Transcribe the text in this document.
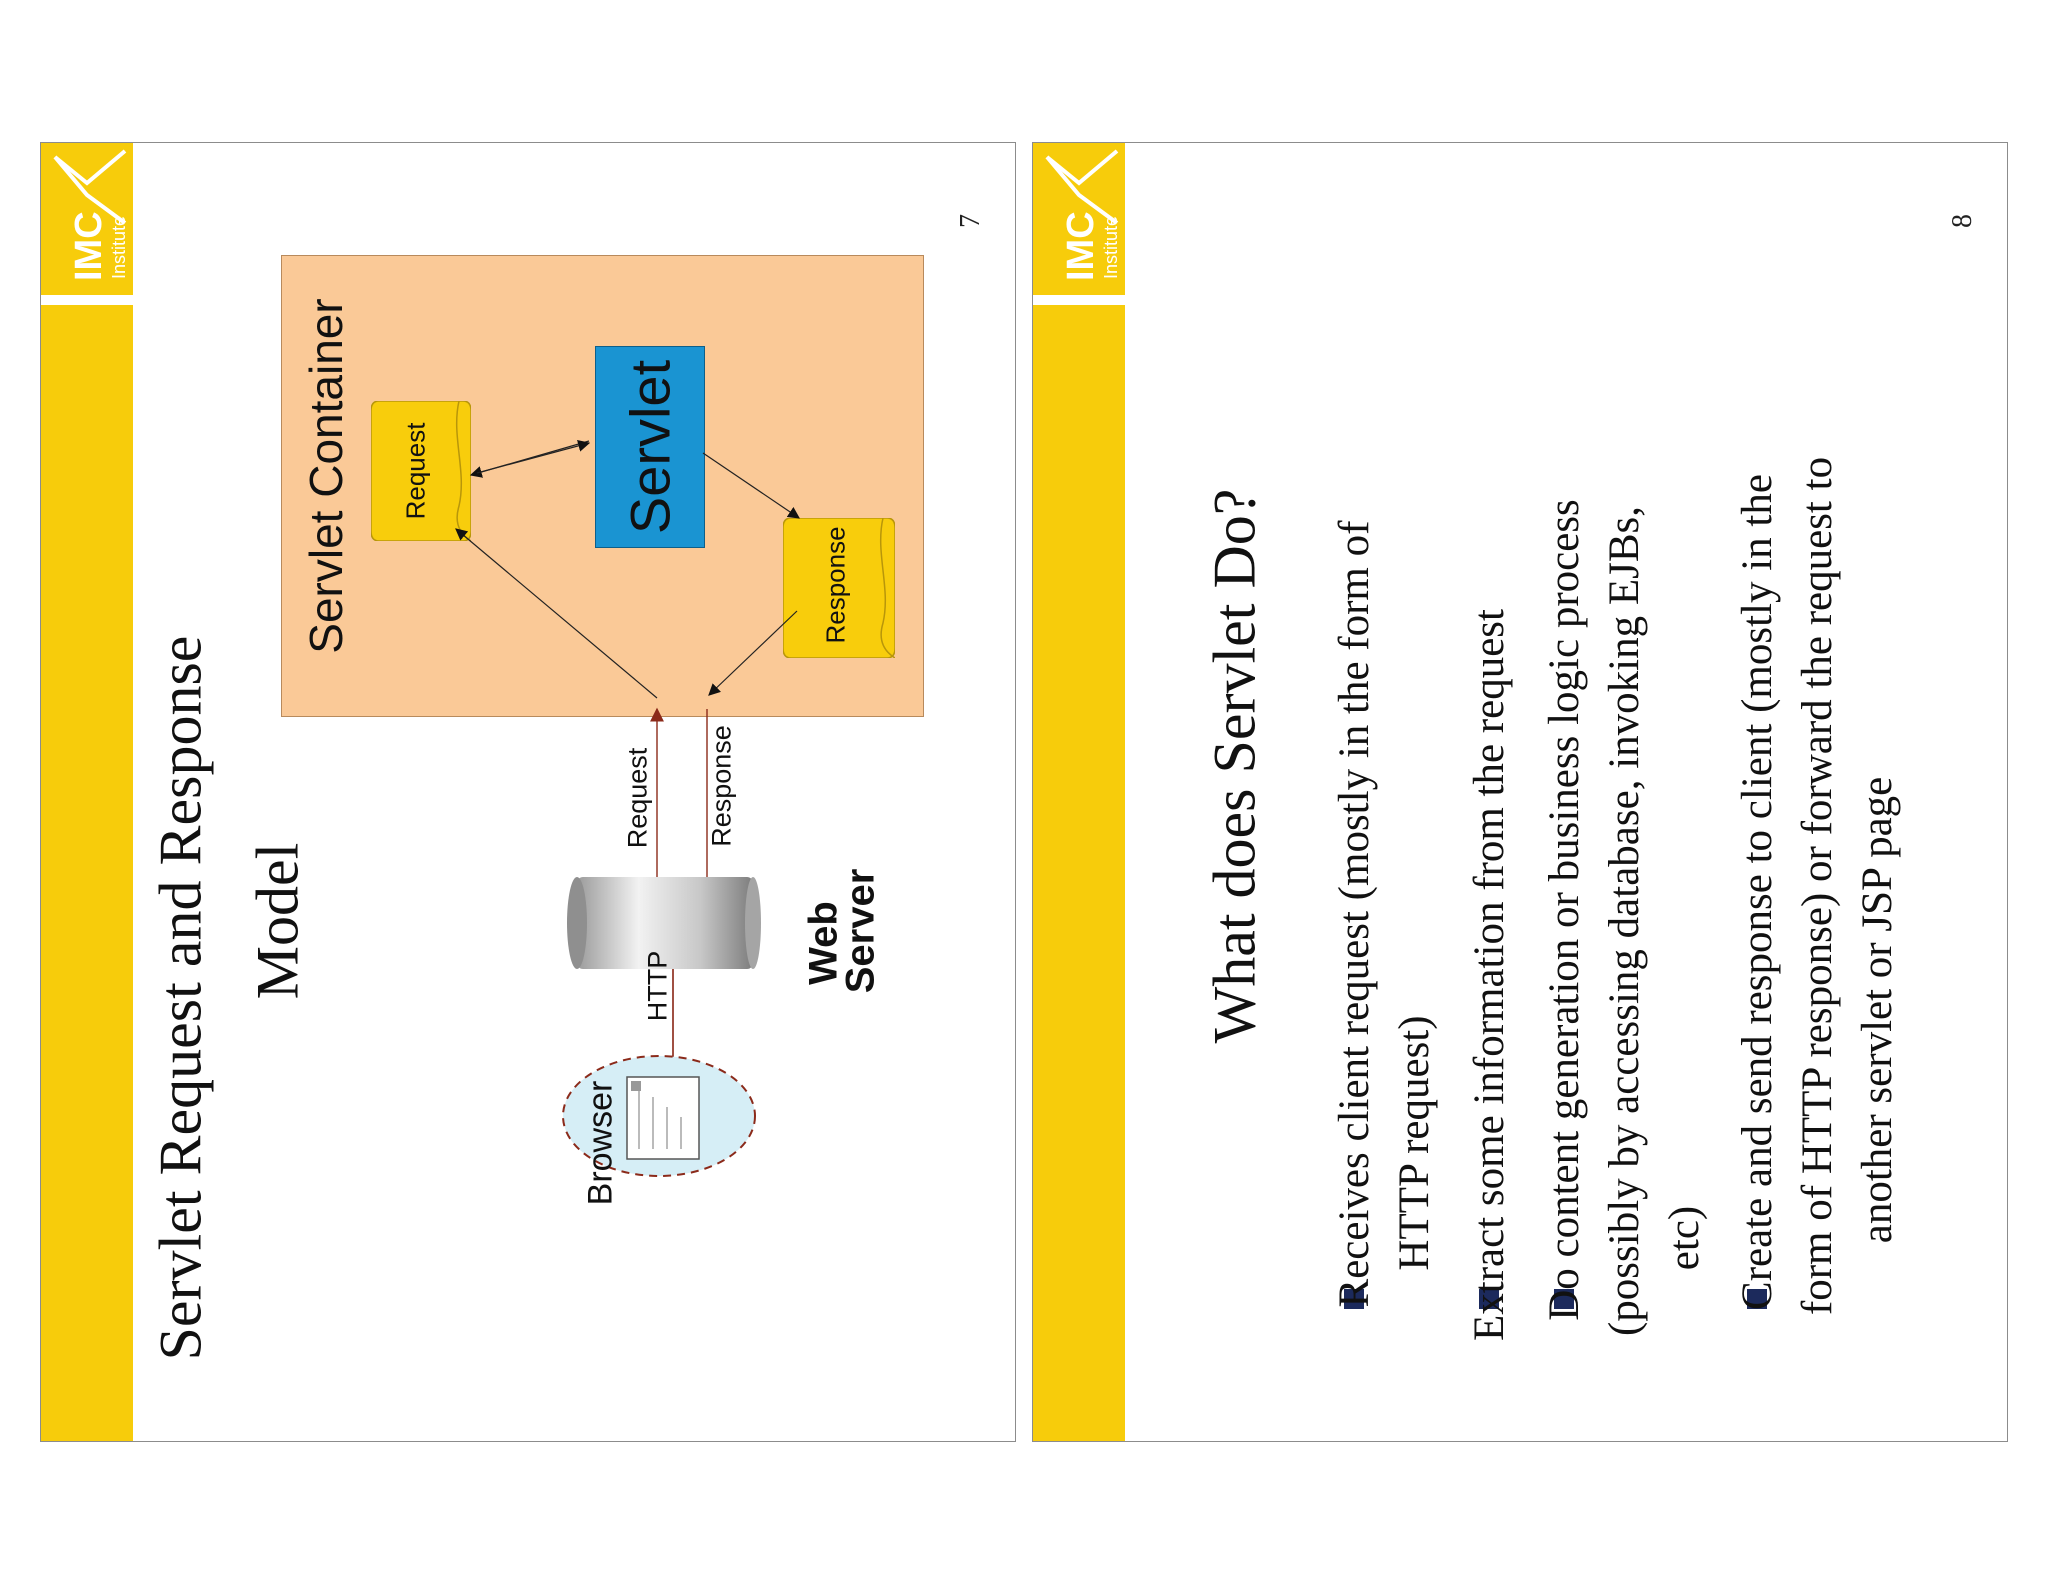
IMC Institute
Servlet Request and Response Model
Servlet Container Request	Servlet
Response
Request Response
HTTP
Web
Server
Browser
7 IMC Institute
What does Servlet Do? Receives client request (mostly in the form of HTTP request) Extract some information from the request Do content generation or business logic process (possibly by accessing database, invoking EJBs, etc) Create and send response to client (mostly in the form of HTTP response) or forward the request to another servlet or JSP page
8
